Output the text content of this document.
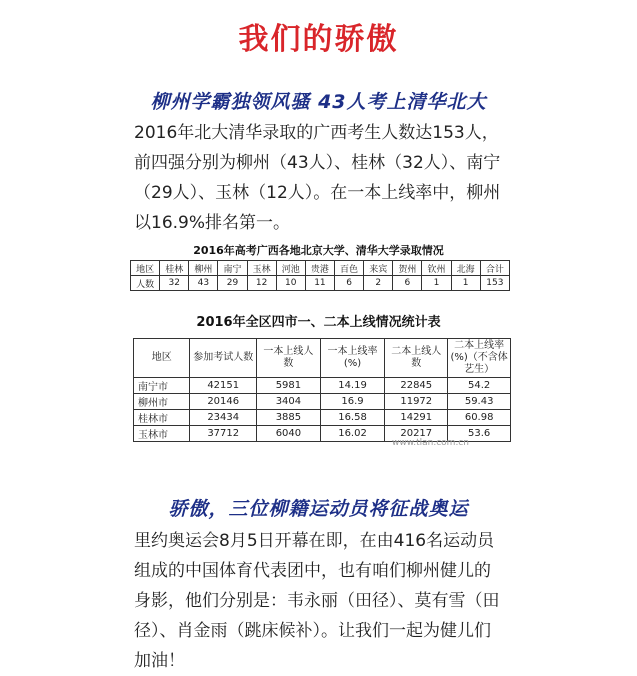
我们的骄傲
柳州学霸独领风骚 43人考上清华北大

2016年北大清华录取的广西考生人数达153人，前四强分别为柳州（43人）、桂林（32人）、南宁（29人）、玉林（12人）。在一本上线率中，柳州以16.9%排名第一。

2016年高考广西各地北京大学、清华大学录取情况
地区	桂林	柳州	南宁	玉林	河池	贵港	百色	来宾	贺州	钦州	北海	合计
人数	32	43	29	12	10	11	6	2	6	1	1	153
2016年全区四市一、二本上线情况统计表
地区	参加考试人数	一本上线人数	一本上线率(%)	二本上线人数	二本上线率(%)（不含体艺生）
南宁市	42151	5981	14.19	22845	54.2
柳州市	20146	3404	16.9	11972	59.43
桂林市	23434	3885	16.58	14291	60.98
玉林市	37712	6040	16.02	20217	53.6
www.tlan.com.cn
骄傲，三位柳籍运动员将征战奥运

里约奥运会8月5日开幕在即，在由416名运动员组成的中国体育代表团中，也有咱们柳州健儿的身影，他们分别是：韦永丽（田径）、莫有雪（田径）、肖金雨（跳床候补）。让我们一起为健儿们加油！
